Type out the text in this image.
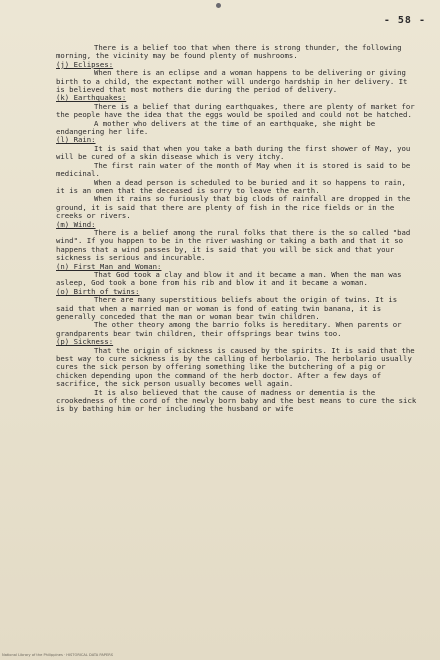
- 58 -

There is a belief too that when there is strong thunder, the following morning, the vicinity may be found plenty of mushrooms.

(j) Eclipses:

When there is an eclipse and a woman happens to be delivering or giving birth to a child, the expectant mother will undergo hardship in her delivery. It is believed that most mothers die during the period of delivery.

(k) Earthquakes:

There is a belief that during earthquakes, there are plenty of market for the people have the idea that the eggs would be spoiled and could not be hatched.

A mother who delivers at the time of an earthquake, she might be endangering her life.

(l) Rain:

It is said that when you take a bath during the first shower of May, you will be cured of a skin disease which is very itchy.

The first rain water of the month of May when it is stored is said to be medicinal.

When a dead person is scheduled to be buried and it so happens to rain, it is an omen that the deceased is sorry to leave the earth.

When it rains so furiously that big clods of rainfall are dropped in the ground, it is said that there are plenty of fish in the rice fields or in the creeks or rivers.

(m) Wind:

There is a belief among the rural folks that there is the so called "bad wind". If you happen to be in the river washing or taking a bath and that it so happens that a wind passes by, it is said that you will be sick and that your sickness is serious and incurable.

(n) First Man and Woman:

That God took a clay and blow it and it became a man. When the man was asleep, God took a bone from his rib and blow it and it became a woman.

(o) Birth of twins:

There are many superstitious beliefs about the origin of twins. It is said that when a married man or woman is fond of eating twin banana, it is generally conceded that the man or woman bear twin children.

The other theory among the barrio folks is hereditary. When parents or grandparents bear twin children, their offsprings bear twins too.

(p) Sickness:

That the origin of sickness is caused by the spirits. It is said that the best way to cure sickness is by the calling of herbolario. The herbolario usually cures the sick person by offering something like the butchering of a pig or chicken depending upon the command of the herb doctor. After a few days of sacrifice, the sick person usually becomes well again.

It is also believed that the cause of madness or dementia is the crookedness of the cord of the newly born baby and the best means to cure the sick is by bathing him or her including the husband or wife

National Library of the Philippines · HISTORICAL DATA PAPERS
